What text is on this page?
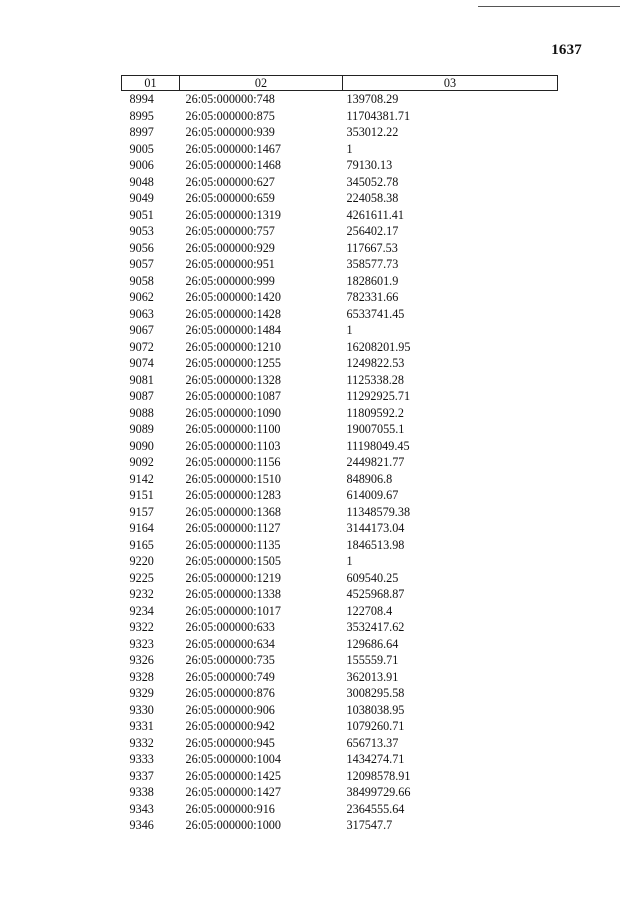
1637
01	02	03
8994	26:05:000000:748	139708.29
8995	26:05:000000:875	11704381.71
8997	26:05:000000:939	353012.22
9005	26:05:000000:1467	1
9006	26:05:000000:1468	79130.13
9048	26:05:000000:627	345052.78
9049	26:05:000000:659	224058.38
9051	26:05:000000:1319	4261611.41
9053	26:05:000000:757	256402.17
9056	26:05:000000:929	117667.53
9057	26:05:000000:951	358577.73
9058	26:05:000000:999	1828601.9
9062	26:05:000000:1420	782331.66
9063	26:05:000000:1428	6533741.45
9067	26:05:000000:1484	1
9072	26:05:000000:1210	16208201.95
9074	26:05:000000:1255	1249822.53
9081	26:05:000000:1328	1125338.28
9087	26:05:000000:1087	11292925.71
9088	26:05:000000:1090	11809592.2
9089	26:05:000000:1100	19007055.1
9090	26:05:000000:1103	11198049.45
9092	26:05:000000:1156	2449821.77
9142	26:05:000000:1510	848906.8
9151	26:05:000000:1283	614009.67
9157	26:05:000000:1368	11348579.38
9164	26:05:000000:1127	3144173.04
9165	26:05:000000:1135	1846513.98
9220	26:05:000000:1505	1
9225	26:05:000000:1219	609540.25
9232	26:05:000000:1338	4525968.87
9234	26:05:000000:1017	122708.4
9322	26:05:000000:633	3532417.62
9323	26:05:000000:634	129686.64
9326	26:05:000000:735	155559.71
9328	26:05:000000:749	362013.91
9329	26:05:000000:876	3008295.58
9330	26:05:000000:906	1038038.95
9331	26:05:000000:942	1079260.71
9332	26:05:000000:945	656713.37
9333	26:05:000000:1004	1434274.71
9337	26:05:000000:1425	12098578.91
9338	26:05:000000:1427	38499729.66
9343	26:05:000000:916	2364555.64
9346	26:05:000000:1000	317547.7
